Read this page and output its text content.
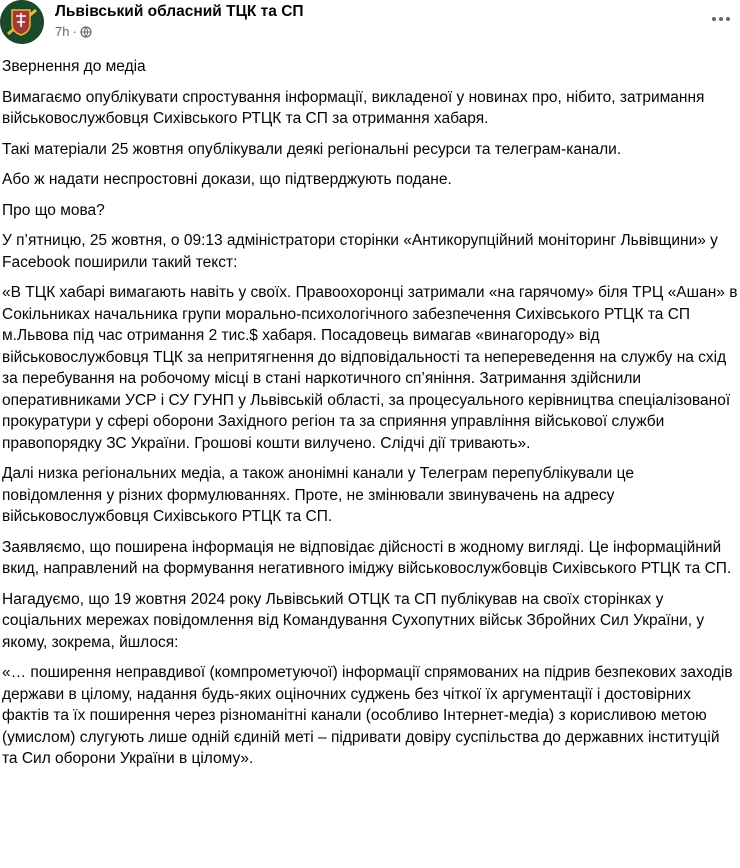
Львівський обласний ТЦК та СП
7h ·

Звернення до медіа

Вимагаємо опублікувати спростування інформації, викладеної у новинах про, нібито, затримання військовослужбовця Сихівського РТЦК та СП за отримання хабаря.

Такі матеріали 25 жовтня опублікували деякі регіональні ресурси та телеграм-канали.

Або ж надати неспростовні докази, що підтверджують подане.

Про що мова?

У п’ятницю, 25 жовтня, о 09:13 адміністратори сторінки «Антикорупційний моніторинг Львівщини» у Facebook поширили такий текст:

«В ТЦК хабарі вимагають навіть у своїх. Правоохоронці затримали «на гарячому» біля ТРЦ «Ашан» в Сокільниках начальника групи морально-психологічного забезпечення Сихівського РТЦК та СП м.Львова під час отримання 2 тис.$ хабаря. Посадовець вимагав «винагороду» від військовослужбовця ТЦК за непритягнення до відповідальності та непереведення на службу на схід за перебування на робочому місці в стані наркотичного сп’яніння. Затримання здійснили оперативниками УСР і СУ ГУНП у Львівській області, за процесуального керівництва спеціалізованої прокуратури у сфері оборони Західного регіон та за сприяння управління військової служби правопорядку ЗС України. Грошові кошти вилучено. Слідчі дії тривають».

Далі низка регіональних медіа, а також анонімні канали у Телеграм перепублікували це повідомлення у різних формулюваннях. Проте, не змінювали звинувачень на адресу військовослужбовця Сихівського РТЦК та СП.

Заявляємо, що поширена інформація не відповідає дійсності в жодному вигляді. Це інформаційний вкид, направлений на формування негативного іміджу військовослужбовців Сихівського РТЦК та СП.

Нагадуємо, що 19 жовтня 2024 року Львівський ОТЦК та СП публікував на своїх сторінках у соціальних мережах повідомлення від Командування Сухопутних військ Збройних Сил України, у якому, зокрема, йшлося:

«… поширення неправдивої (компрометуючої) інформації спрямованих на підрив безпекових заходів держави в цілому, надання будь-яких оціночних суджень без чіткої їх аргументації і достовірних фактів та їх поширення через різноманітні канали (особливо Інтернет-медіа) з корисливою метою (умислом) слугують лише одній єдиній меті – підривати довіру суспільства до державних інституцій та Сил оборони України в цілому».
